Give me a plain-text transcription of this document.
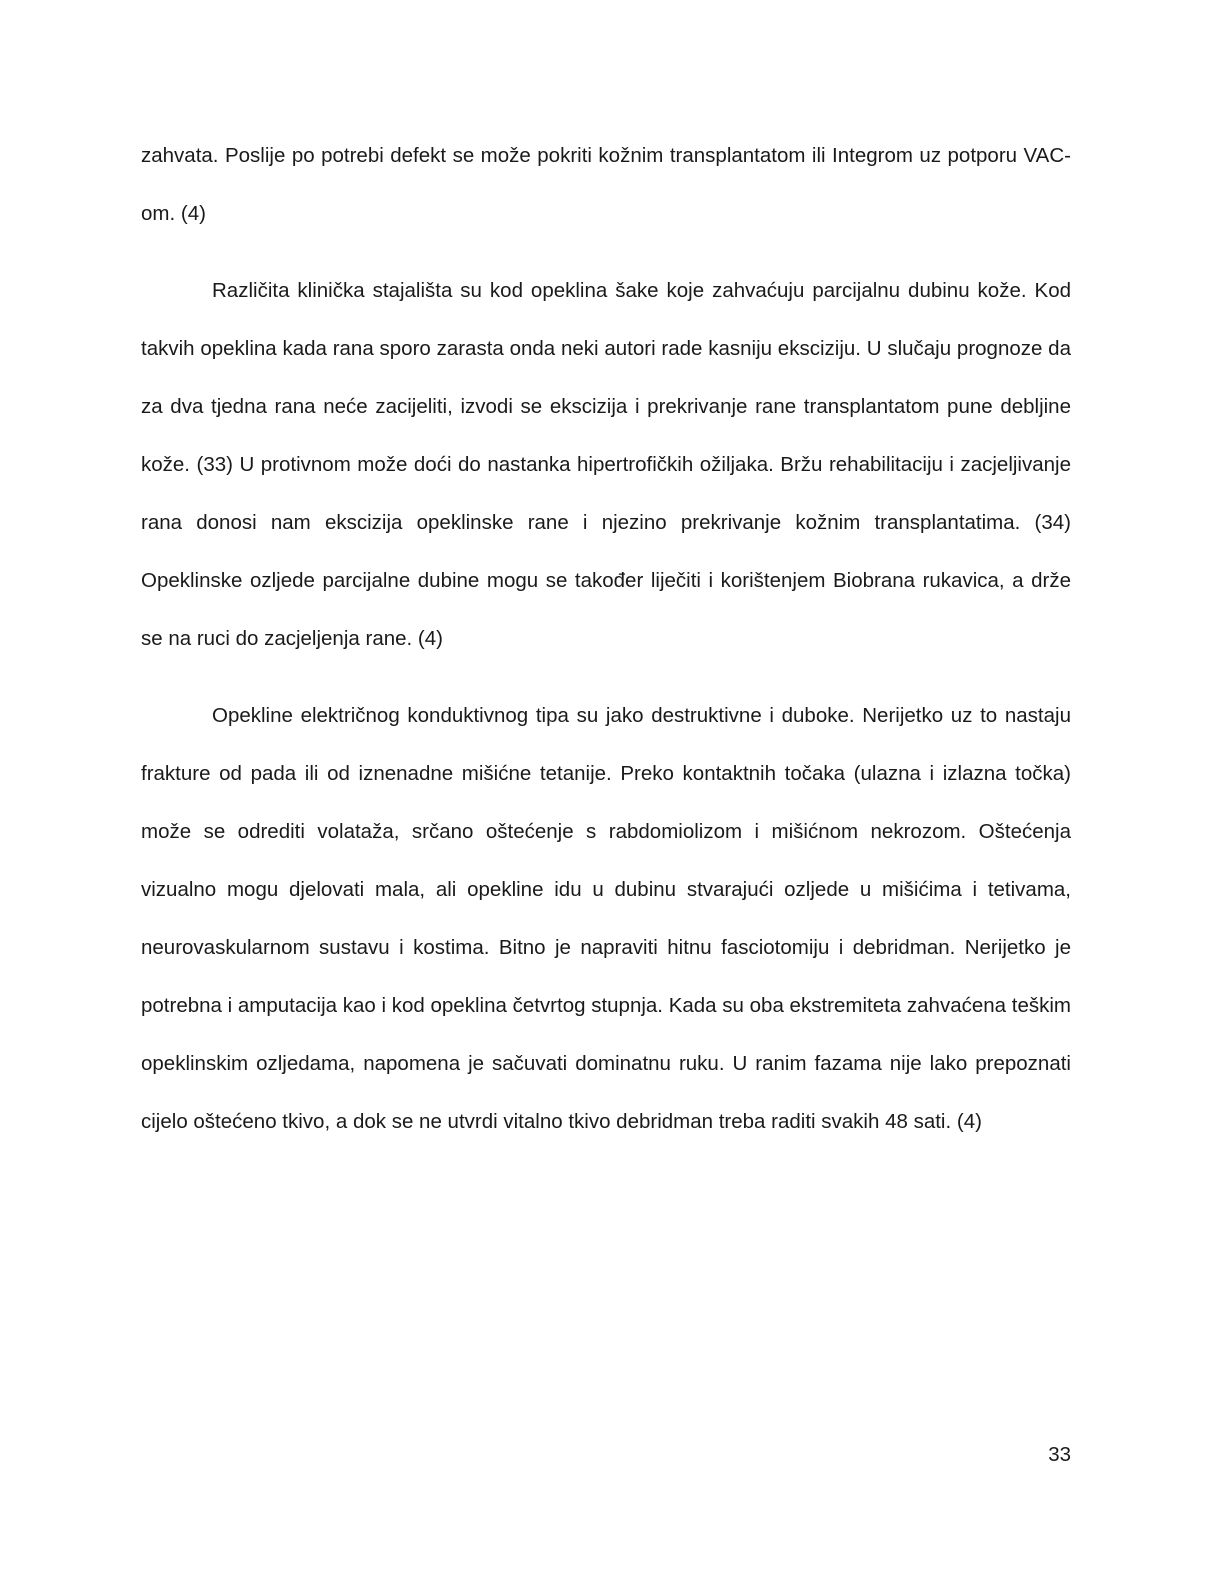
zahvata. Poslije po potrebi defekt se može pokriti kožnim transplantatom ili Integrom uz potporu VAC-om. (4)

Različita klinička stajališta su kod opeklina šake koje zahvaćuju parcijalnu dubinu kože. Kod takvih opeklina kada rana sporo zarasta onda neki autori rade kasniju eksciziju. U slučaju prognoze da za dva tjedna rana neće zacijeliti, izvodi se ekscizija i prekrivanje rane transplantatom pune debljine kože. (33) U protivnom može doći do nastanka hipertrofičkih ožiljaka. Bržu rehabilitaciju i zacjeljivanje rana donosi nam ekscizija opeklinske rane i njezino prekrivanje kožnim transplantatima. (34) Opeklinske ozljede parcijalne dubine mogu se također liječiti i korištenjem Biobrana rukavica, a drže se na ruci do zacjeljenja rane. (4)

Opekline električnog konduktivnog tipa su jako destruktivne i duboke. Nerijetko uz to nastaju frakture od pada ili od iznenadne mišićne tetanije. Preko kontaktnih točaka (ulazna i izlazna točka) može se odrediti volataža, srčano oštećenje s rabdomiolizom i mišićnom nekrozom. Oštećenja vizualno mogu djelovati mala, ali opekline idu u dubinu stvarajući ozljede u mišićima i tetivama, neurovaskularnom sustavu i kostima. Bitno je napraviti hitnu fasciotomiju i debridman. Nerijetko je potrebna i amputacija kao i kod opeklina četvrtog stupnja. Kada su oba ekstremiteta zahvaćena teškim opeklinskim ozljedama, napomena je sačuvati dominatnu ruku. U ranim fazama nije lako prepoznati cijelo oštećeno tkivo, a dok se ne utvrdi vitalno tkivo debridman treba raditi svakih 48 sati. (4)

33
